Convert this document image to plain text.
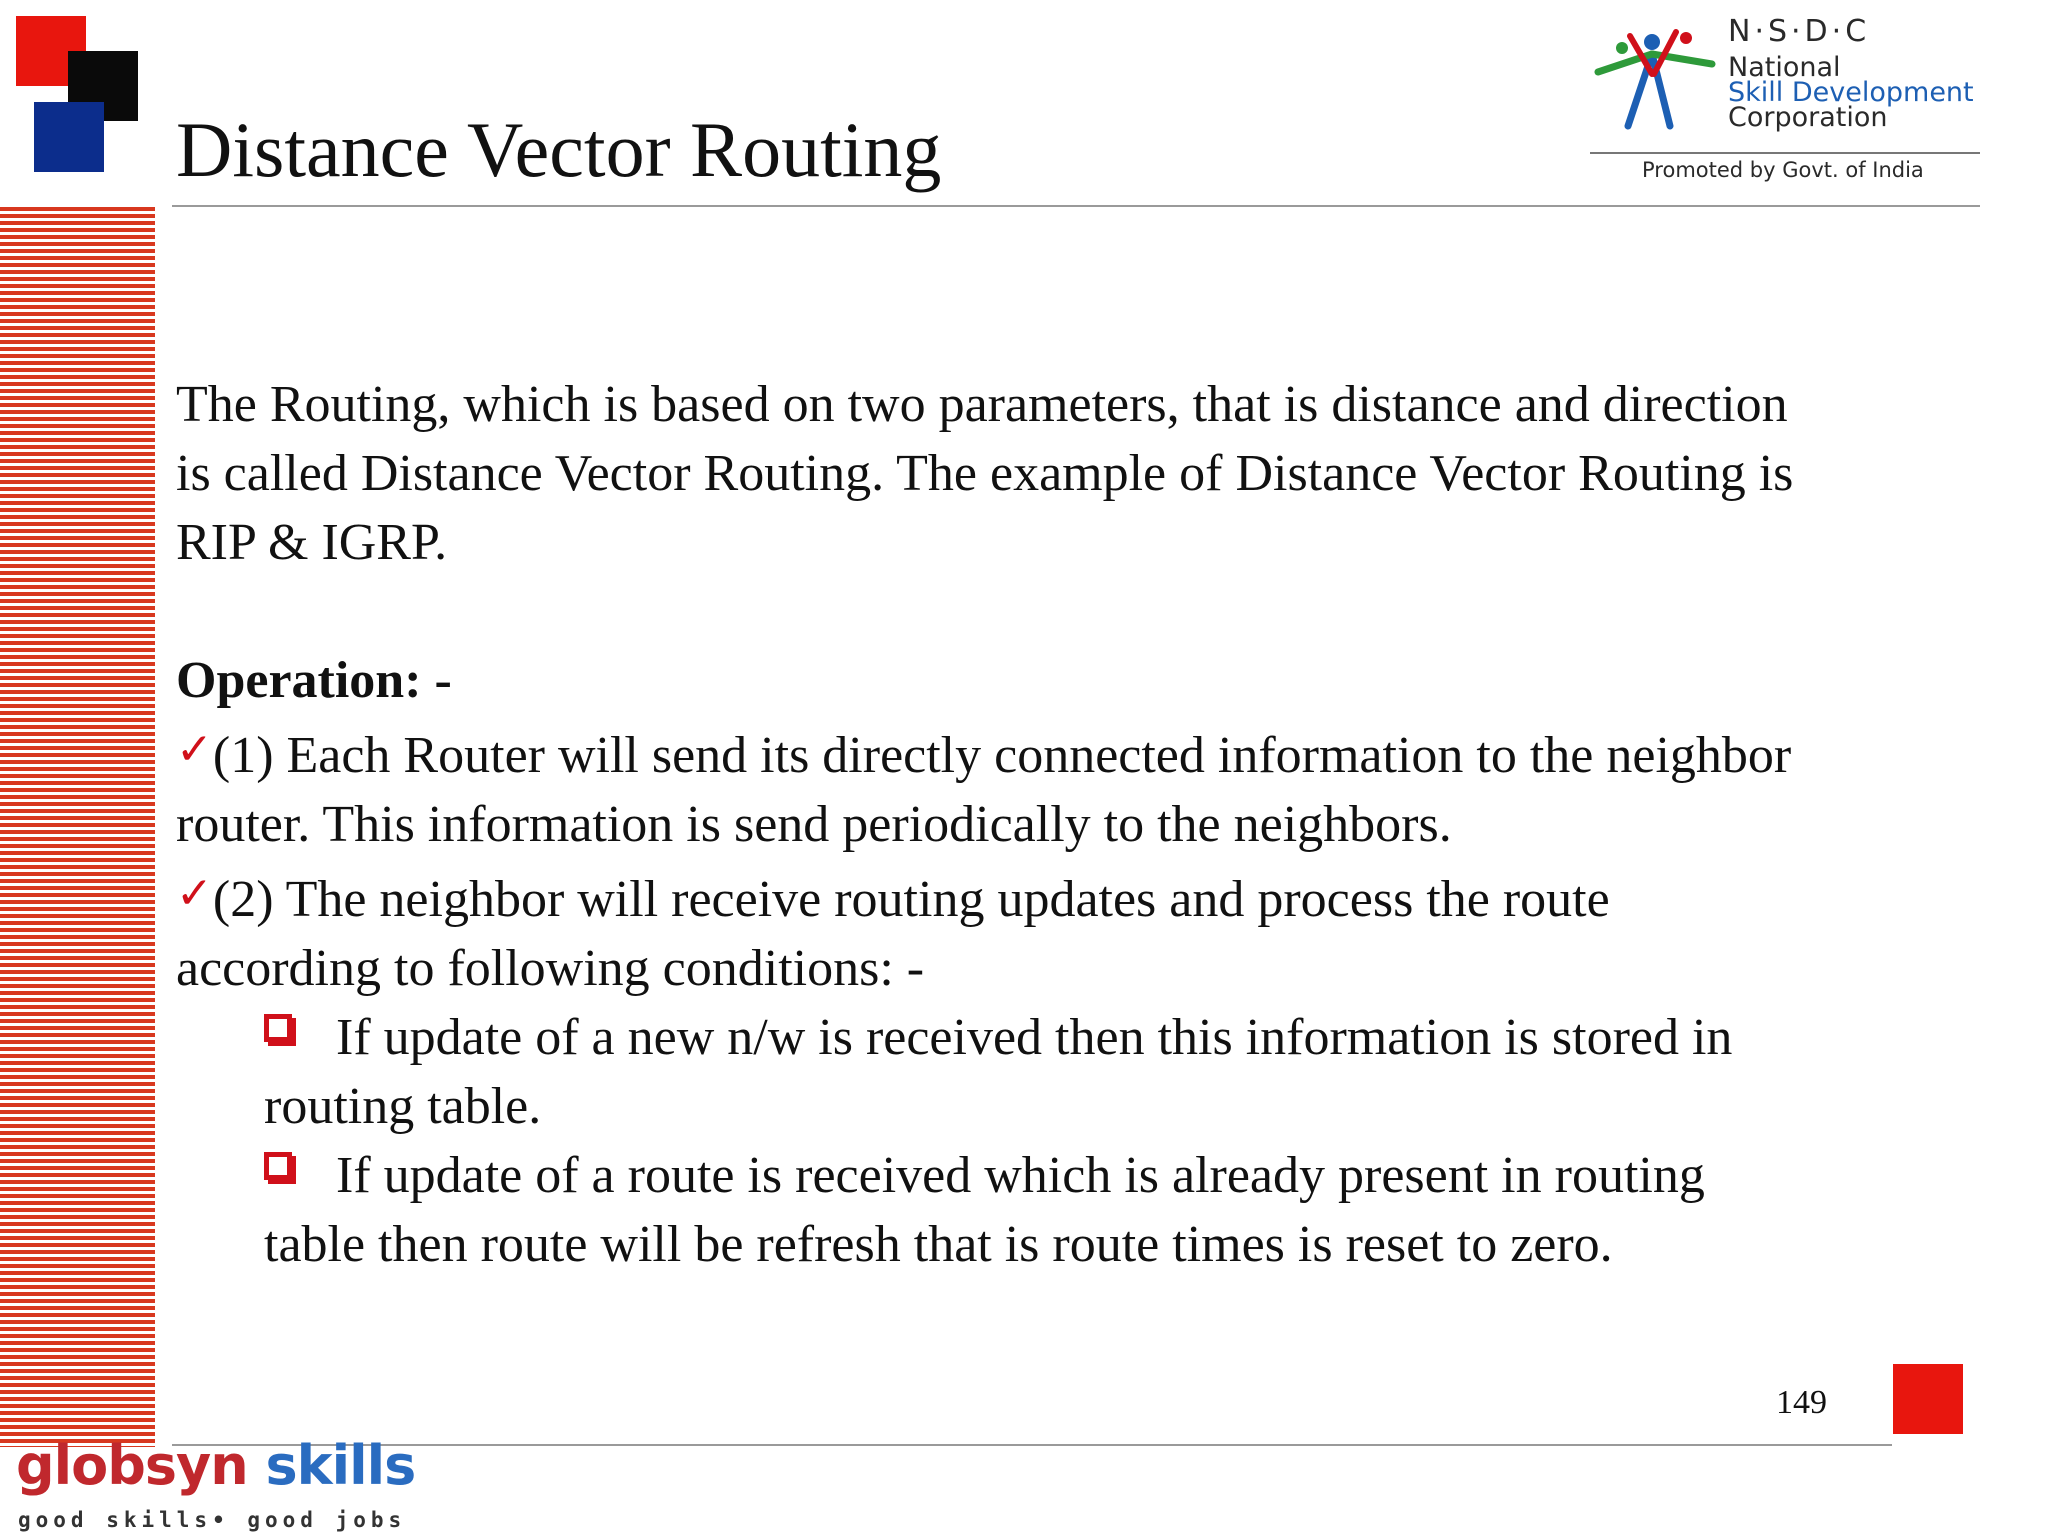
Distance Vector Routing
N·S·D·C
National
Skill Development
Corporation
Promoted by Govt. of India

The Routing, which is based on two parameters, that is distance and direction

is called Distance Vector Routing. The example of Distance Vector Routing is

RIP & IGRP.

Operation: -

✓(1) Each Router will send its directly connected information to the neighbor

router. This information is send periodically to the neighbors.

✓(2) The neighbor will receive routing updates and process the route

according to following conditions: -

If update of a new n/w is received then this information is stored in

routing table.

If update of a route is received which is already present in routing

table then route will be refresh that is route times is reset to zero.

149
globsyn skills
good skills• good jobs
